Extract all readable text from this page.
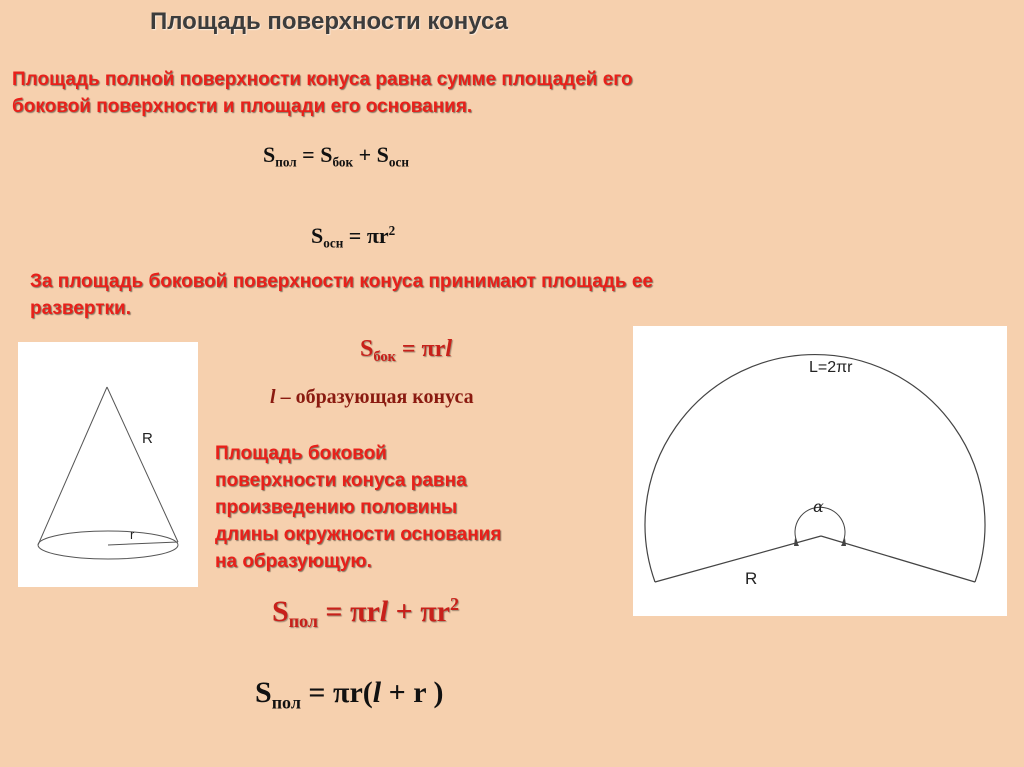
Площадь поверхности конуса
Площадь полной поверхности конуса равна сумме площадей его
боковой поверхности и площади его основания.
$S_{пол} = S_{бок} + S_{осн}$
$S_{осн} = \pi r^2$
За площадь боковой поверхности конуса принимают площадь ее
развертки.
R
r
$S_{бок} = \pi rl$
l – образующая конуса
Площадь боковой
поверхности конуса равна
произведению половины
длины окружности основания
на образующую.
$S_{пол} = \pi rl + \pi r^2$
$S_{пол} = \pi r(l + r$ )
L=2πr
α
R
